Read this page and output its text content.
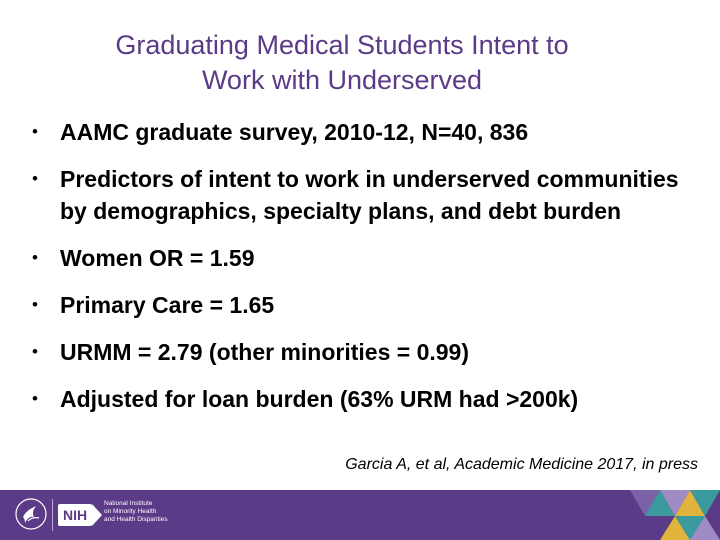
Graduating Medical Students Intent to
Work with Underserved
• AAMC graduate survey, 2010-12, N=40, 836
• Predictors of intent to work in underserved communities by demographics, specialty plans, and debt burden
• Women OR = 1.59
• Primary Care = 1.65
• URMM = 2.79 (other minorities = 0.99)
• Adjusted for loan burden (63% URM had >200k)

Garcia A, et al, Academic Medicine 2017, in press

NIH
National Institute
on Minority Health
and Health Disparities
